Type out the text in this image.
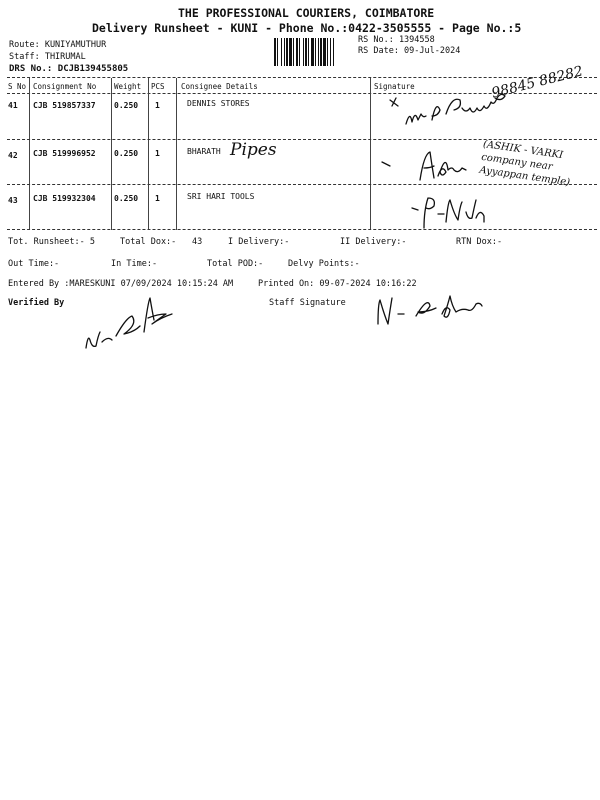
THE PROFESSIONAL COURIERS, COIMBATORE
Delivery Runsheet - KUNI - Phone No.:0422-3505555 - Page No.:5
Route: KUNIYAMUTHUR
Staff: THIRUMAL
DRS No.: DCJB139455805
RS No.: 1394558
RS Date: 09-Jul-2024
S No Consignment No Weight PCS Consignee Details	Signature
41 CJB 519857337 0.250 1	DENNIS STORES
42 CJB 519996952 0.250 1	BHARATH
43 CJB 519932304 0.250 1	SRI HARI TOOLS
Pipes
98845 88282
(ASHIK - VARKI company near Ayyappan temple)
Tot. Runsheet:- 5	Total Dox:- 43	I Delivery:-	II Delivery:-	RTN Dox:-
Out Time:-	In Time:-	Total POD:-	Delvy Points:-
Entered By :MARESKUNI 07/09/2024 10:15:24 AM	Printed On: 09-07-2024 10:16:22
Verified By	Staff Signature
